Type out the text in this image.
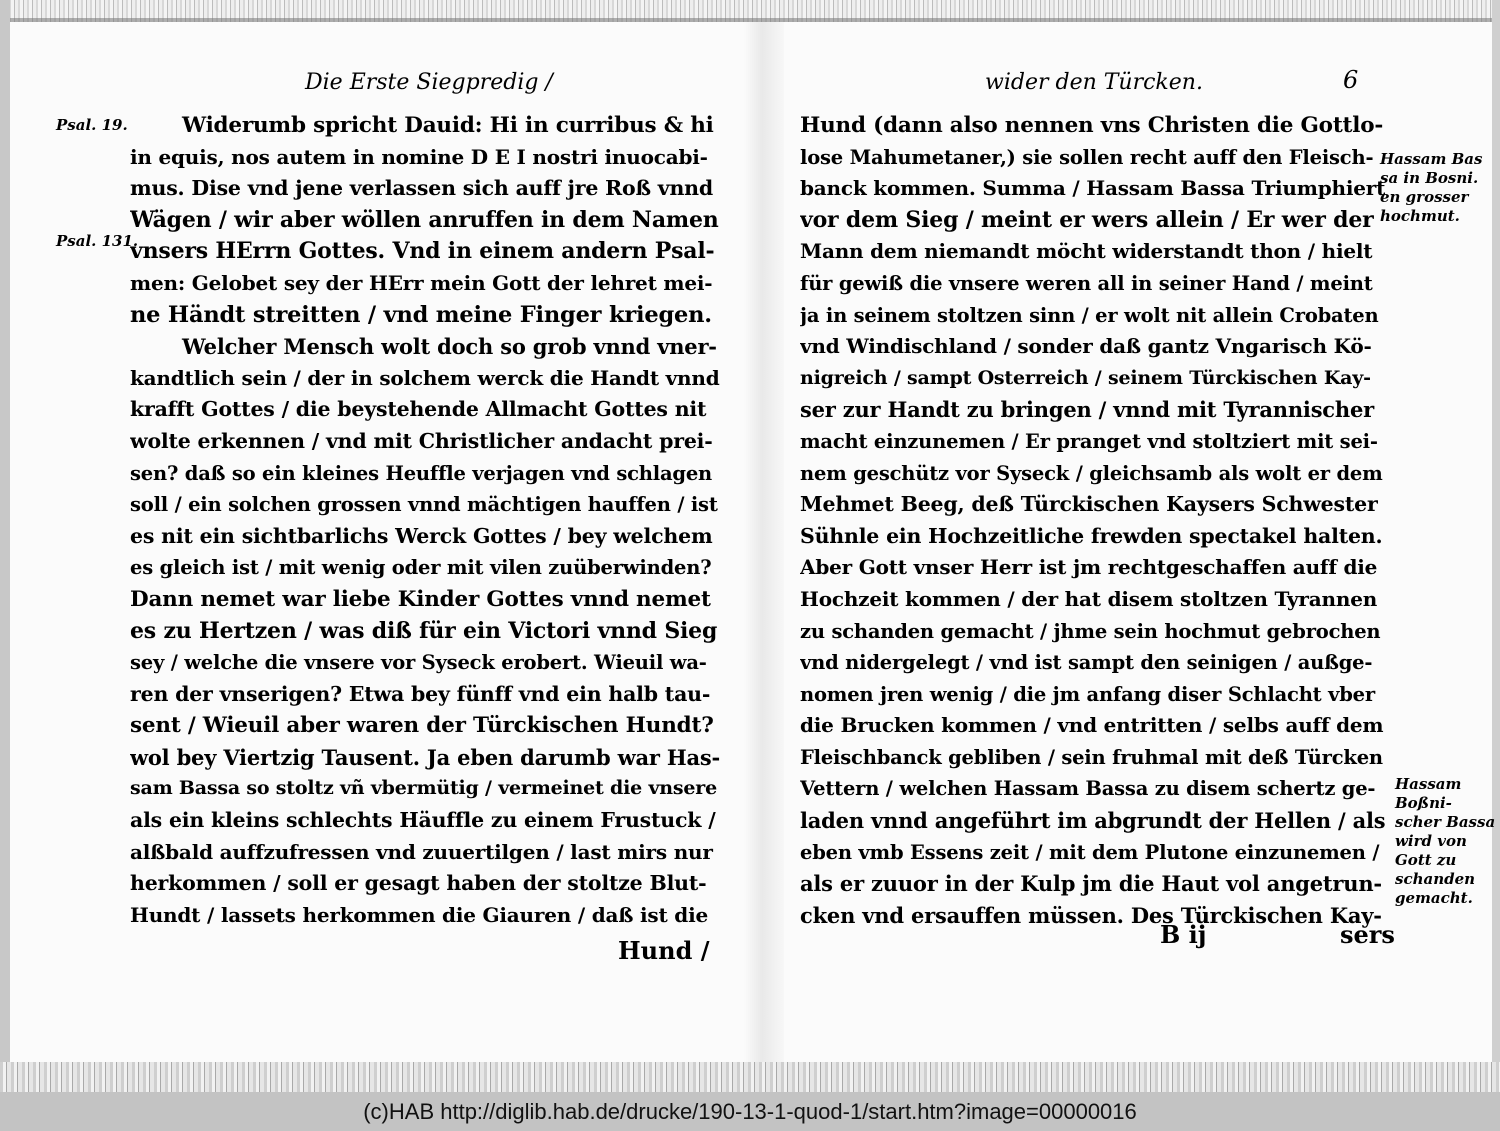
Die Erste Siegpredig /
Widerumb spricht Dauid: Hi in curribus & hi
in equis, nos autem in nomine D E I nostri inuocabi-
mus. Dise vnd jene verlassen sich auff jre Roß vnnd
Wägen / wir aber wöllen anruffen in dem Namen
vnsers HErrn Gottes. Vnd in einem andern Psal-
men: Gelobet sey der HErr mein Gott der lehret mei-
ne Händt streitten / vnd meine Finger kriegen.
Welcher Mensch wolt doch so grob vnnd vner-
kandtlich sein / der in solchem werck die Handt vnnd
krafft Gottes / die beystehende Allmacht Gottes nit
wolte erkennen / vnd mit Christlicher andacht prei-
sen? daß so ein kleines Heuffle verjagen vnd schlagen
soll / ein solchen grossen vnnd mächtigen hauffen / ist
es nit ein sichtbarlichs Werck Gottes / bey welchem
es gleich ist / mit wenig oder mit vilen zuüberwinden?
Dann nemet war liebe Kinder Gottes vnnd nemet
es zu Hertzen / was diß für ein Victori vnnd Sieg
sey / welche die vnsere vor Syseck erobert. Wieuil wa-
ren der vnserigen? Etwa bey fünff vnd ein halb tau-
sent / Wieuil aber waren der Türckischen Hundt?
wol bey Viertzig Tausent. Ja eben darumb war Has-
sam Bassa so stoltz vñ vbermütig / vermeinet die vnsere
als ein kleins schlechts Häuffle zu einem Frustuck /
alßbald auffzufressen vnd zuuertilgen / last mirs nur
herkommen / soll er gesagt haben der stoltze Blut-
Hundt / lassets herkommen die Giauren / daß ist die
Hund /
Psal. 19.
Psal. 131.
wider den Türcken.	6
Hund (dann also nennen vns Christen die Gottlo-
lose Mahumetaner,) sie sollen recht auff den Fleisch-
banck kommen. Summa / Hassam Bassa Triumphiert
vor dem Sieg / meint er wers allein / Er wer der
Mann dem niemandt möcht widerstandt thon / hielt
für gewiß die vnsere weren all in seiner Hand / meint
ja in seinem stoltzen sinn / er wolt nit allein Crobaten
vnd Windischland / sonder daß gantz Vngarisch Kö-
nigreich / sampt Osterreich / seinem Türckischen Kay-
ser zur Handt zu bringen / vnnd mit Tyrannischer
macht einzunemen / Er pranget vnd stoltziert mit sei-
nem geschütz vor Syseck / gleichsamb als wolt er dem
Mehmet Beeg, deß Türckischen Kaysers Schwester
Sühnle ein Hochzeitliche frewden spectakel halten.
Aber Gott vnser Herr ist jm rechtgeschaffen auff die
Hochzeit kommen / der hat disem stoltzen Tyrannen
zu schanden gemacht / jhme sein hochmut gebrochen
vnd nidergelegt / vnd ist sampt den seinigen / außge-
nomen jren wenig / die jm anfang diser Schlacht vber
die Brucken kommen / vnd entritten / selbs auff dem
Fleischbanck gebliben / sein fruhmal mit deß Türcken
Vettern / welchen Hassam Bassa zu disem schertz ge-
laden vnnd angeführt im abgrundt der Hellen / als
eben vmb Essens zeit / mit dem Plutone einzunemen /
als er zuuor in der Kulp jm die Haut vol angetrun-
cken vnd ersauffen müssen. Des Türckischen Kay-
B ij	sers
Hassam Bas
sa in Bosni.
en grosser
hochmut.
Hassam
Boßni-
scher Bassa
wird von
Gott zu
schanden
gemacht.
(c)HAB http://diglib.hab.de/drucke/190-13-1-quod-1/start.htm?image=00000016
